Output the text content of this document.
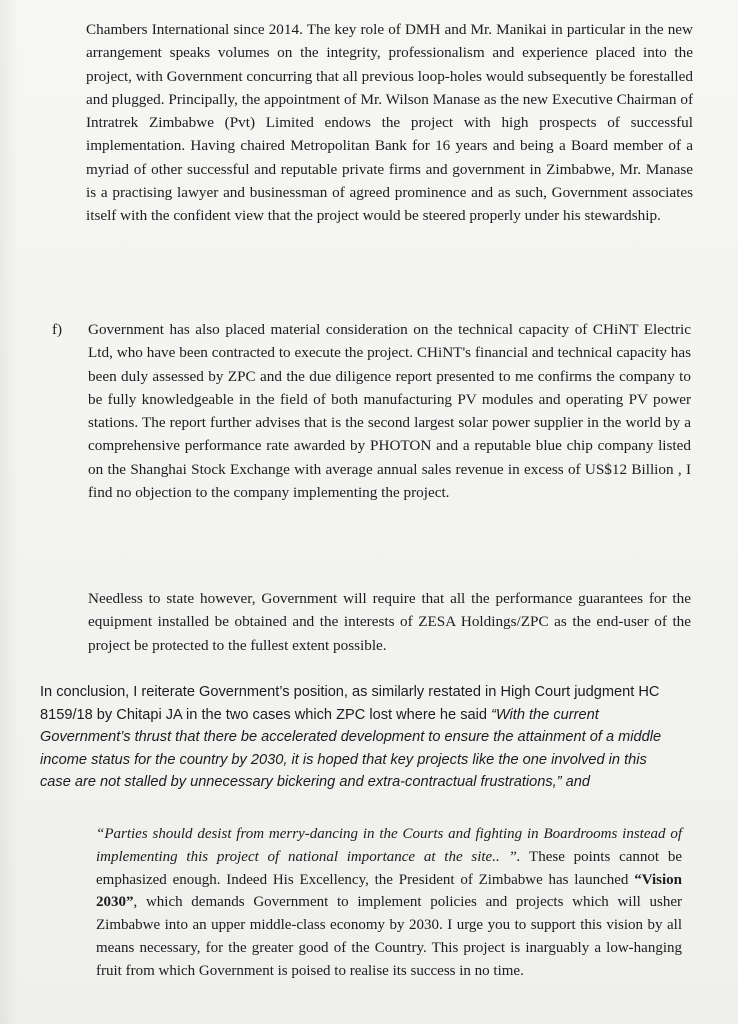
Chambers International since 2014. The key role of DMH and Mr. Manikai in particular in the new arrangement speaks volumes on the integrity, professionalism and experience placed into the project, with Government concurring that all previous loop-holes would subsequently be forestalled and plugged. Principally, the appointment of Mr. Wilson Manase as the new Executive Chairman of Intratrek Zimbabwe (Pvt) Limited endows the project with high prospects of successful implementation. Having chaired Metropolitan Bank for 16 years and being a Board member of a myriad of other successful and reputable private firms and government in Zimbabwe, Mr. Manase is a practising lawyer and businessman of agreed prominence and as such, Government associates itself with the confident view that the project would be steered properly under his stewardship.

f) Government has also placed material consideration on the technical capacity of CHiNT Electric Ltd, who have been contracted to execute the project. CHiNT's financial and technical capacity has been duly assessed by ZPC and the due diligence report presented to me confirms the company to be fully knowledgeable in the field of both manufacturing PV modules and operating PV power stations. The report further advises that is the second largest solar power supplier in the world by a comprehensive performance rate awarded by PHOTON and a reputable blue chip company listed on the Shanghai Stock Exchange with average annual sales revenue in excess of US$12 Billion , I find no objection to the company implementing the project.

Needless to state however, Government will require that all the performance guarantees for the equipment installed be obtained and the interests of ZESA Holdings/ZPC as the end-user of the project be protected to the fullest extent possible.

In conclusion, I reiterate Government’s position, as similarly restated in High Court judgment HC 8159/18 by Chitapi JA in the two cases which ZPC lost where he said “With the current Government’s thrust that there be accelerated development to ensure the attainment of a middle income status for the country by 2030, it is hoped that key projects like the one involved in this case are not stalled by unnecessary bickering and extra-contractual frustrations,” and

“Parties should desist from merry-dancing in the Courts and fighting in Boardrooms instead of implementing this project of national importance at the site.. ”. These points cannot be emphasized enough. Indeed His Excellency, the President of Zimbabwe has launched “Vision 2030”, which demands Government to implement policies and projects which will usher Zimbabwe into an upper middle-class economy by 2030. I urge you to support this vision by all means necessary, for the greater good of the Country. This project is inarguably a low-hanging fruit from which Government is poised to realise its success in no time.
